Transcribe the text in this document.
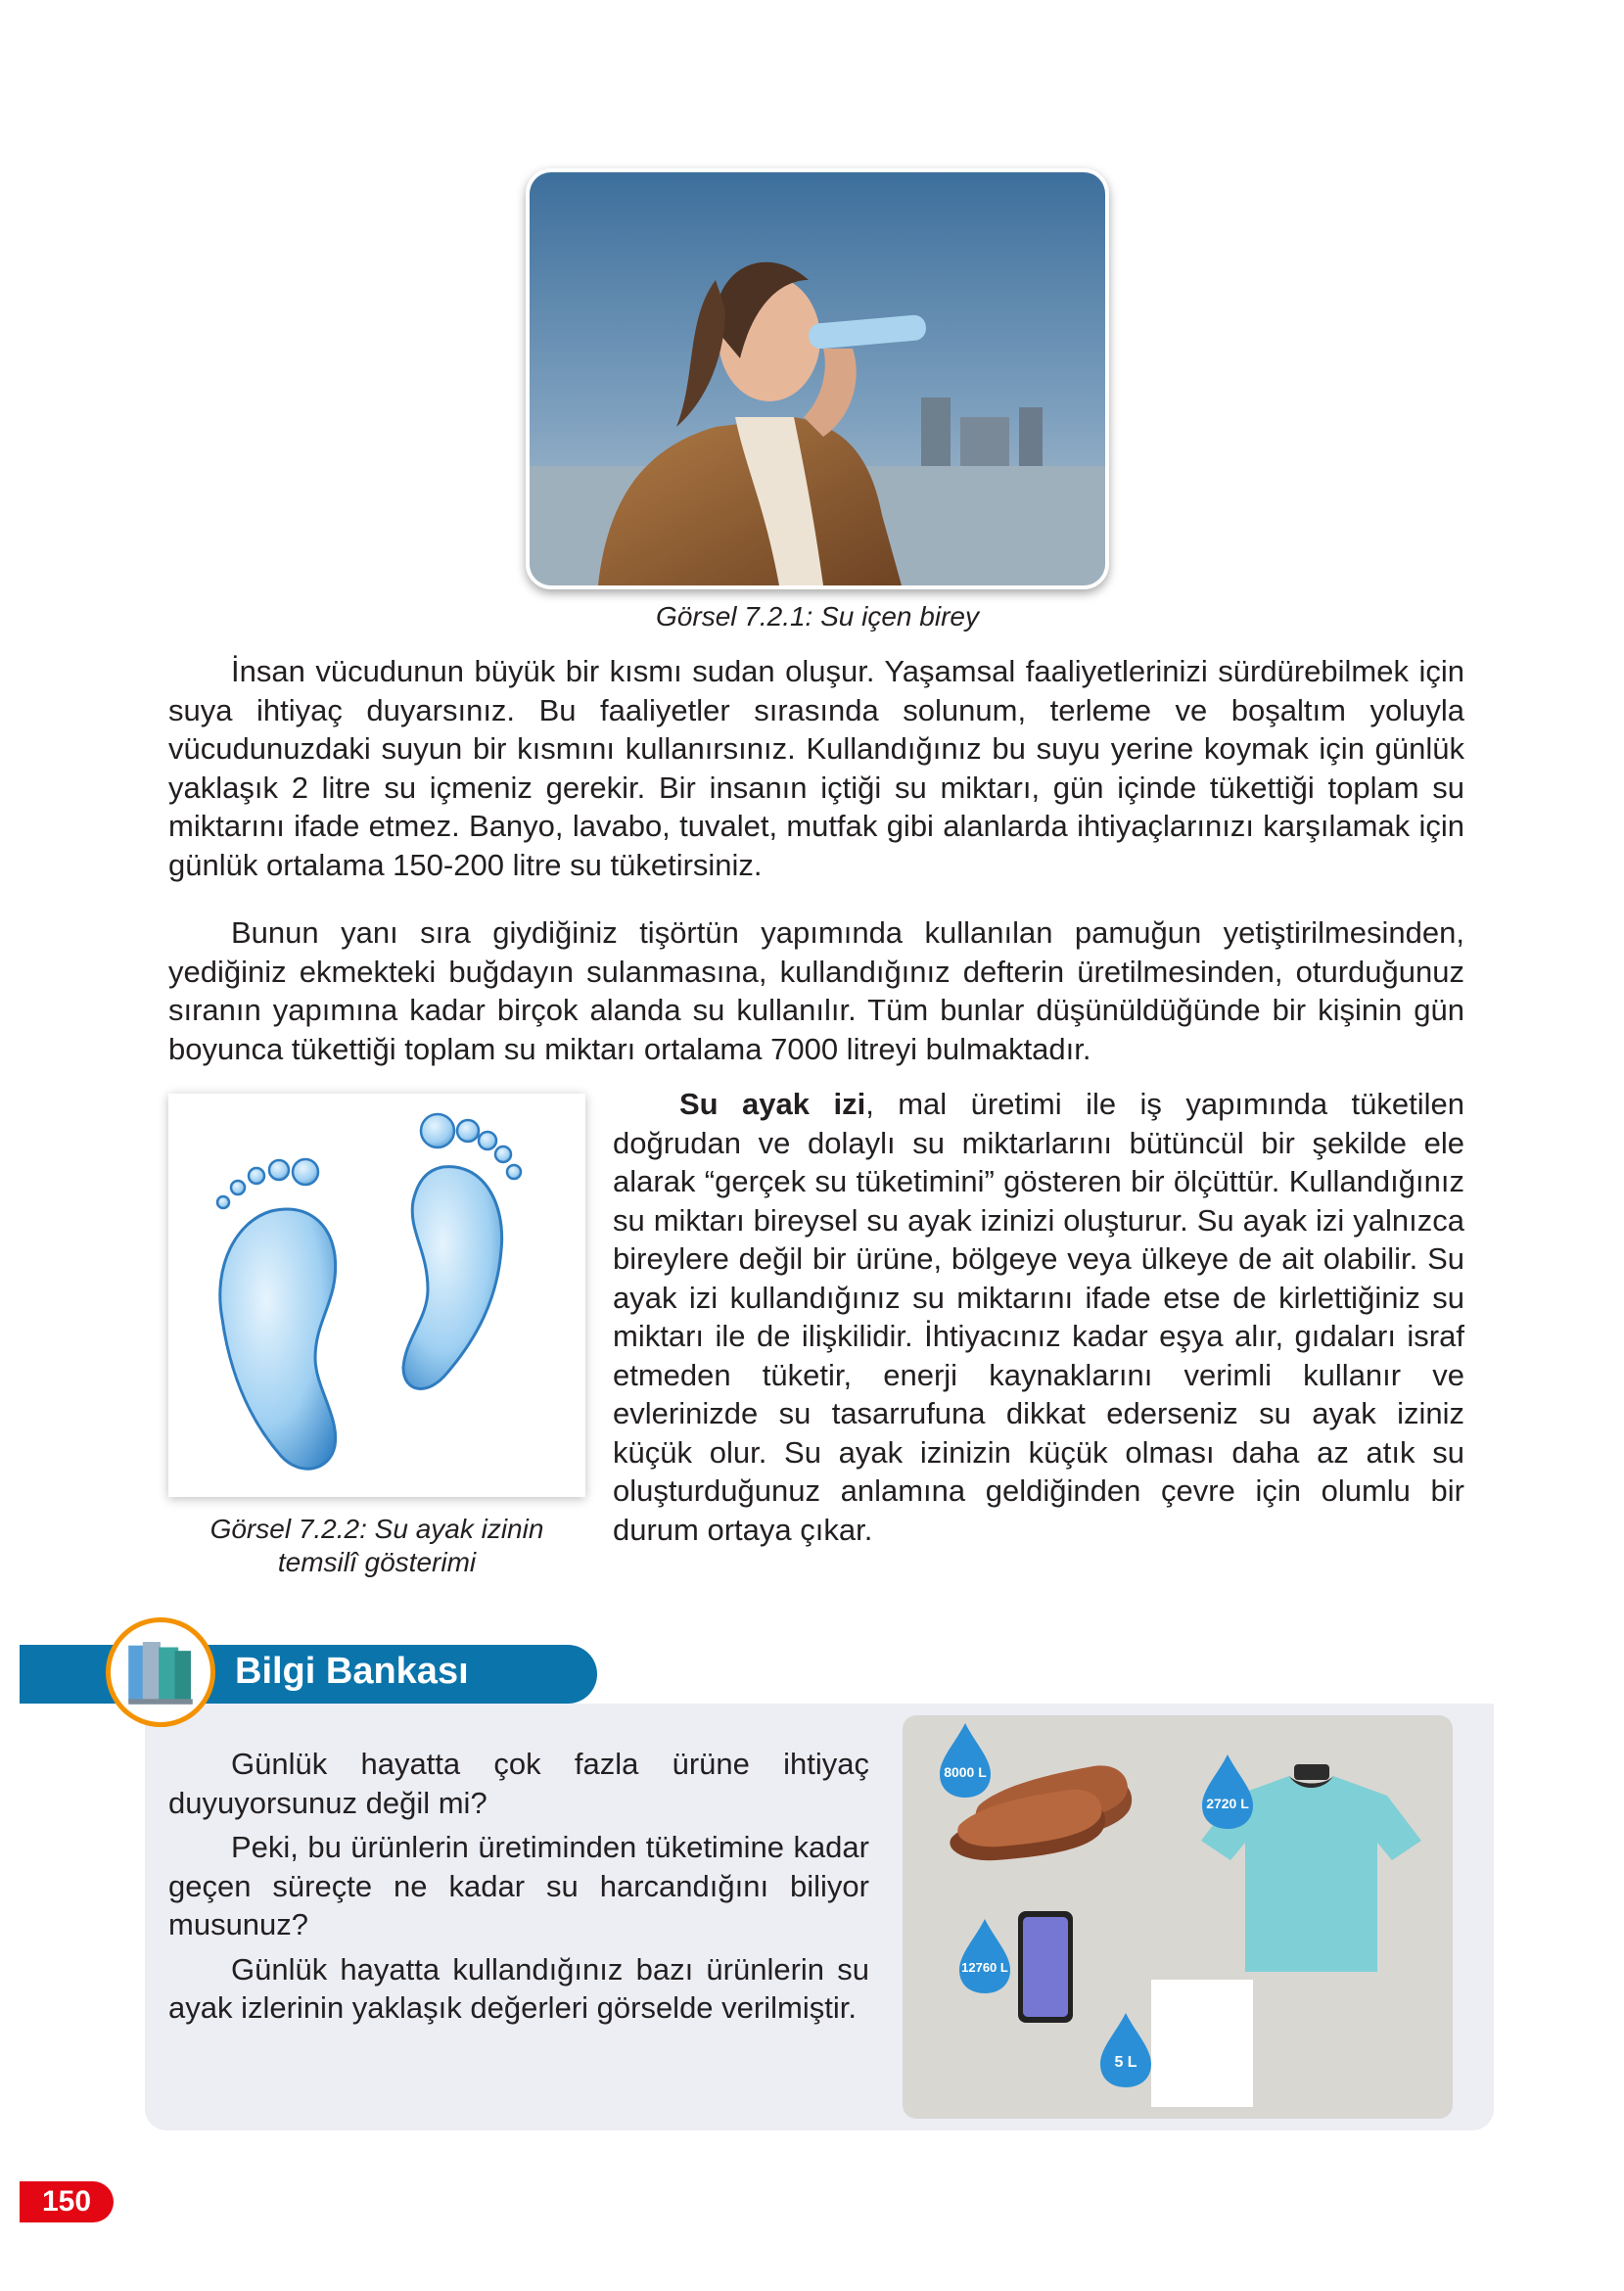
Görsel 7.2.1: Su içen birey

İnsan vücudunun büyük bir kısmı sudan oluşur. Yaşamsal faaliyetlerinizi sürdürebilmek için suya ihtiyaç duyarsınız. Bu faaliyetler sırasında solunum, terleme ve boşaltım yoluyla vücudunuzdaki suyun bir kısmını kullanırsınız. Kullandığınız bu suyu yerine koymak için günlük yaklaşık 2 litre su içmeniz gerekir. Bir insanın içtiği su miktarı, gün içinde tükettiği toplam su miktarını ifade etmez. Banyo, lavabo, tuvalet, mutfak gibi alanlarda ihtiyaçlarınızı karşılamak için günlük ortalama 150-200 litre su tüketirsiniz.

Bunun yanı sıra giydiğiniz tişörtün yapımında kullanılan pamuğun yetiştirilmesinden, yediğiniz ekmekteki buğdayın sulanmasına, kullandığınız defterin üretilmesinden, oturduğunuz sıranın yapımına kadar birçok alanda su kullanılır. Tüm bunlar düşünüldüğünde bir kişinin gün boyunca tükettiği toplam su miktarı ortalama 7000 litreyi bulmaktadır.

Görsel 7.2.2: Su ayak izinin
temsilî gösterimi

Su ayak izi, mal üretimi ile iş yapımında tüketilen doğrudan ve dolaylı su miktarlarını bütüncül bir şekilde ele alarak “gerçek su tüketimini” gösteren bir ölçüttür. Kullandığınız su miktarı bireysel su ayak izinizi oluşturur. Su ayak izi yalnızca bireylere değil bir ürüne, bölgeye veya ülkeye de ait olabilir. Su ayak izi kullandığınız su miktarını ifade etse de kirlettiğiniz su miktarı ile de ilişkilidir. İhtiyacınız kadar eşya alır, gıdaları israf etmeden tüketir, enerji kaynaklarını verimli kullanır ve evlerinizde su tasarrufuna dikkat ederseniz su ayak iziniz küçük olur. Su ayak izinizin küçük olması daha az atık su oluşturduğunuz anlamına geldiğinden çevre için olumlu bir durum ortaya çıkar.

Bilgi Bankası

Günlük hayatta çok fazla ürüne ihtiyaç duyuyorsunuz değil mi?

Peki, bu ürünlerin üretiminden tüketimine kadar geçen süreçte ne kadar su harcandığını biliyor musunuz?

Günlük hayatta kullandığınız bazı ürünlerin su ayak izlerinin yaklaşık değerleri görselde verilmiştir.

8000 L
2720 L
12760 L
5 L
150
